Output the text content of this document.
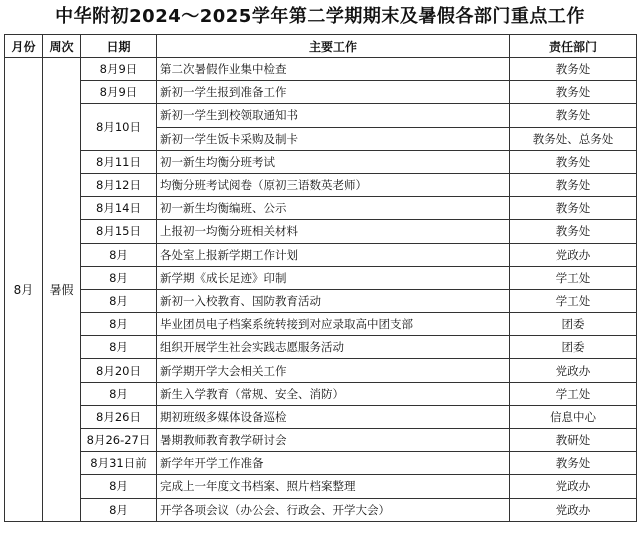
中华附初2024～2025学年第二学期期末及暑假各部门重点工作
月份	周次	日期	主要工作	责任部门
8月	暑假	8月9日	第二次暑假作业集中检查	教务处
		8月9日	新初一学生报到准备工作	教务处
		8月10日	新初一学生到校领取通知书	教务处
			新初一学生饭卡采购及制卡	教务处、总务处
		8月11日	初一新生均衡分班考试	教务处
		8月12日	均衡分班考试阅卷（原初三语数英老师）	教务处
		8月14日	初一新生均衡编班、公示	教务处
		8月15日	上报初一均衡分班相关材料	教务处
		8月	各处室上报新学期工作计划	党政办
		8月	新学期《成长足迹》印制	学工处
		8月	新初一入校教育、国防教育活动	学工处
		8月	毕业团员电子档案系统转接到对应录取高中团支部	团委
		8月	组织开展学生社会实践志愿服务活动	团委
		8月20日	新学期开学大会相关工作	党政办
		8月	新生入学教育（常规、安全、消防）	学工处
		8月26日	期初班级多媒体设备巡检	信息中心
		8月26-27日	暑期教师教育教学研讨会	教研处
		8月31日前	新学年开学工作准备	教务处
		8月	完成上一年度文书档案、照片档案整理	党政办
		8月	开学各项会议（办公会、行政会、开学大会）	党政办
